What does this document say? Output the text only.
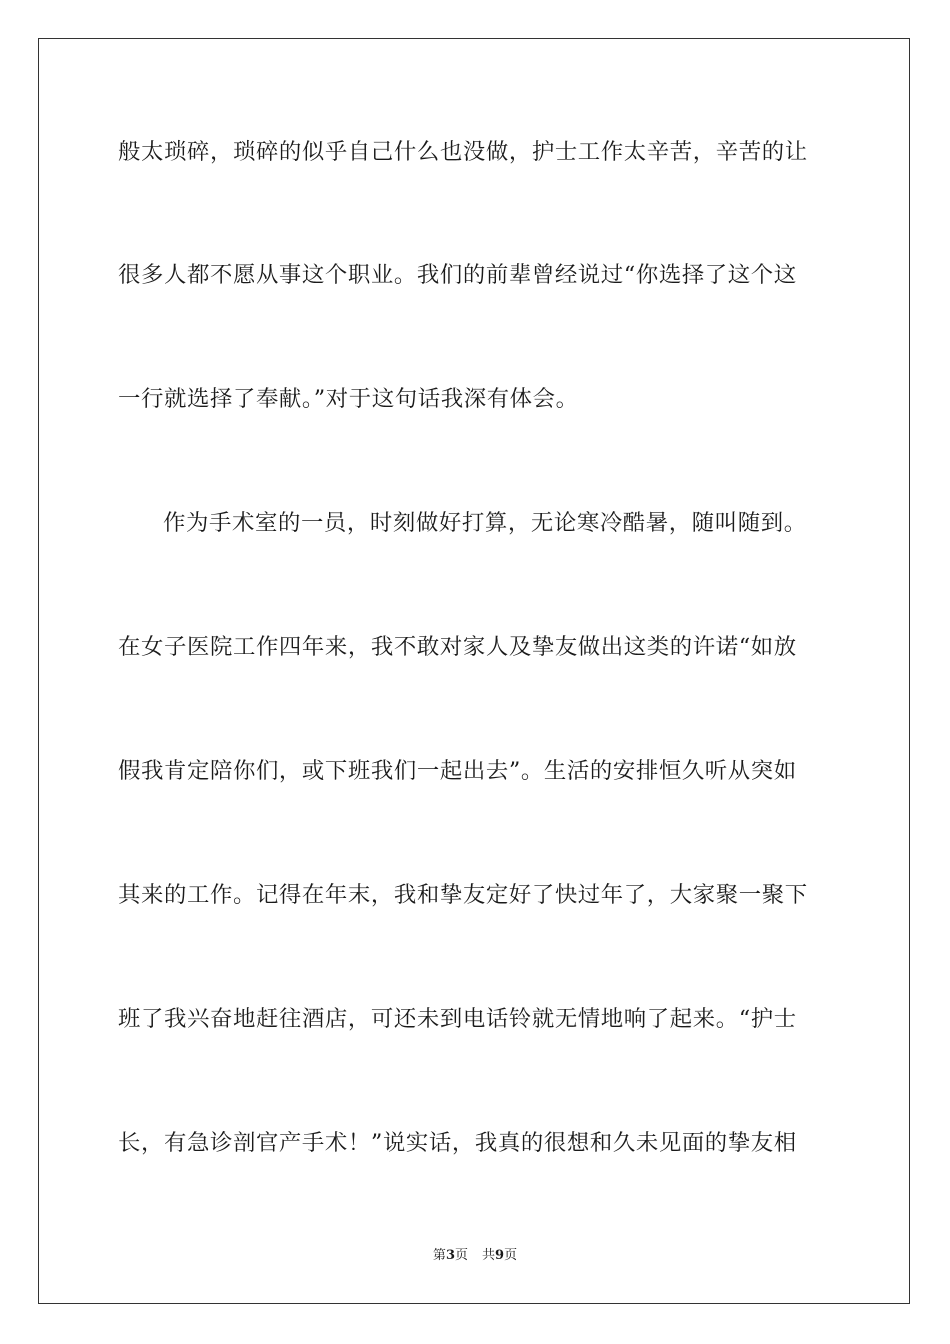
般太琐碎，琐碎的似乎自己什么也没做，护士工作太辛苦，辛苦的让
很多人都不愿从事这个职业。我们的前辈曾经说过“你选择了这个这
一行就选择了奉献。”对于这句话我深有体会。
作为手术室的一员，时刻做好打算，无论寒冷酷暑，随叫随到。
在女子医院工作四年来，我不敢对家人及挚友做出这类的许诺“如放
假我肯定陪你们，或下班我们一起出去”。生活的安排恒久听从突如
其来的工作。记得在年末，我和挚友定好了快过年了，大家聚一聚下
班了我兴奋地赶往酒店，可还未到电话铃就无情地响了起来。“护士
长，有急诊剖官产手术！”说实话，我真的很想和久未见面的挚友相
第3页 共9页
